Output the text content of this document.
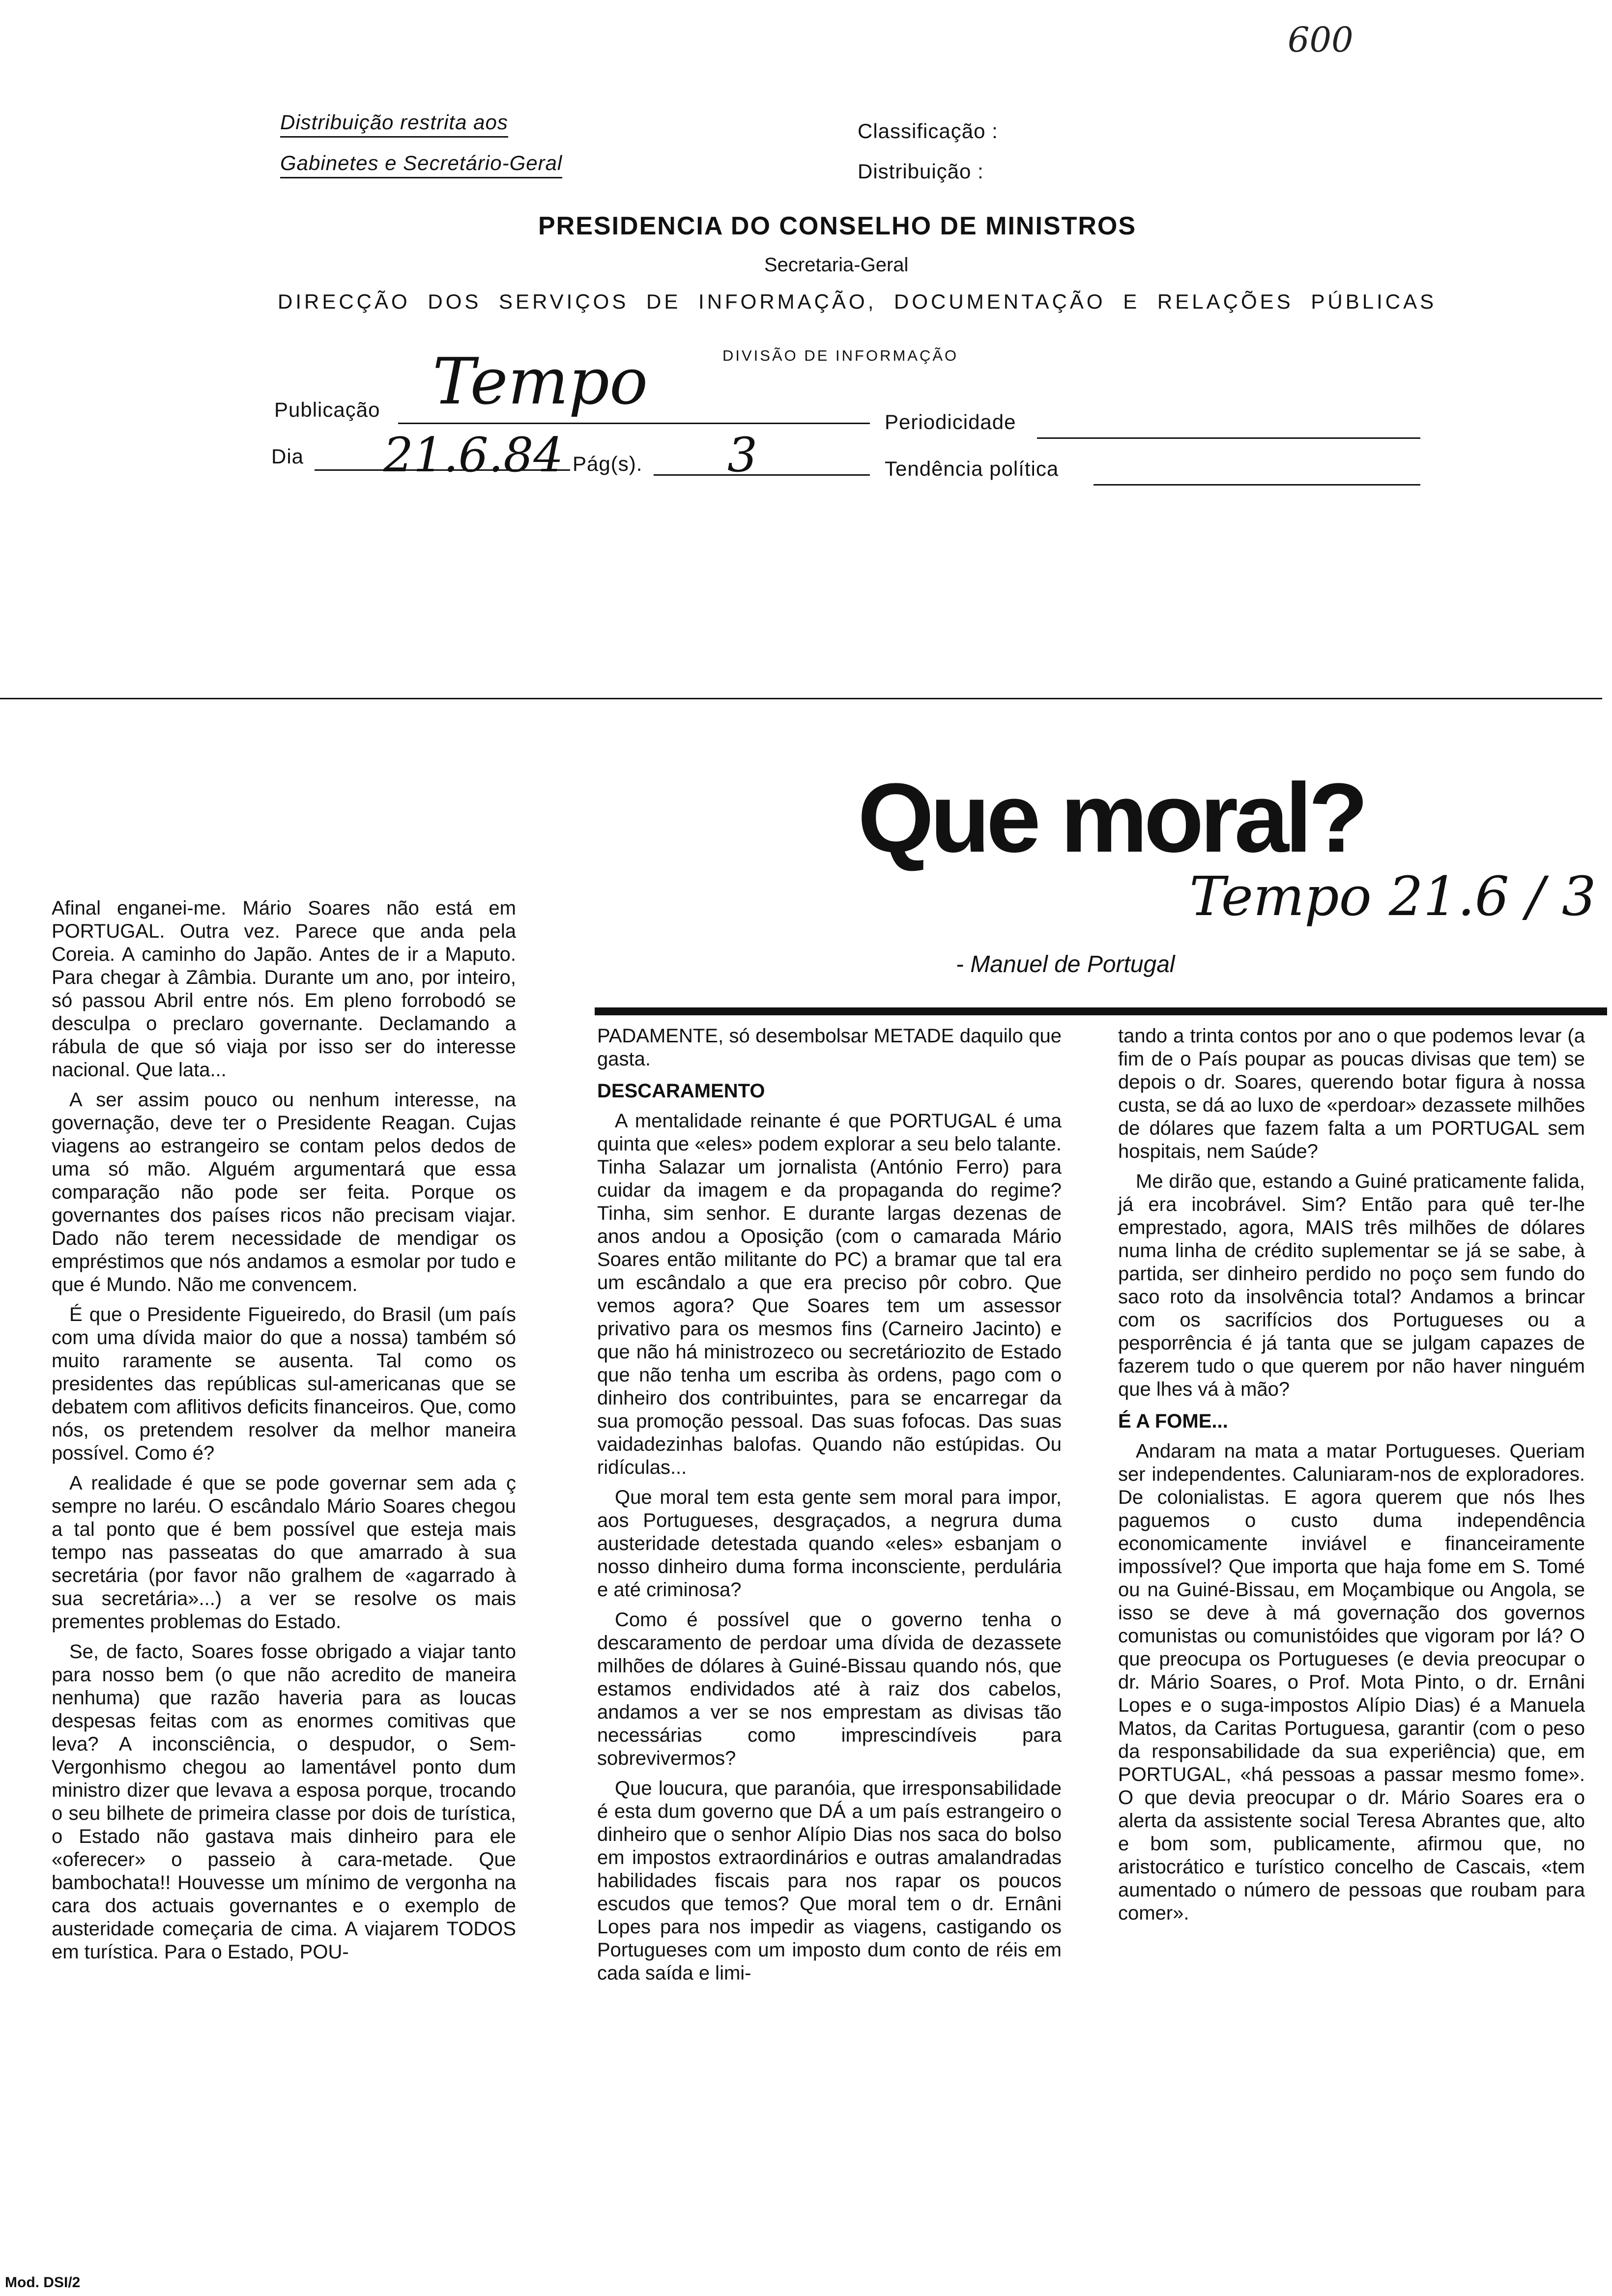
Distribuição restrita aos
Gabinetes e Secretário-Geral
Classificação :
Distribuição :
600
PRESIDENCIA DO CONSELHO DE MINISTROS
Secretaria-Geral
DIRECÇÃO DOS SERVIÇOS DE INFORMAÇÃO, DOCUMENTAÇÃO E RELAÇÕES PÚBLICAS
DIVISÃO DE INFORMAÇÃO
Publicação Tempo
Periodicidade
Dia 21.6.84 Pág(s). 3	Tendência política
Que moral?
Tempo 21.6 / 3
- Manuel de Portugal

Afinal enganei-me. Mário Soares não está em PORTUGAL. Outra vez. Parece que anda pela Coreia. A caminho do Japão. Antes de ir a Maputo. Para chegar à Zâmbia. Durante um ano, por inteiro, só passou Abril entre nós. Em pleno forrobodó se desculpa o preclaro governante. Declamando a rábula de que só viaja por isso ser do interesse nacional. Que lata...

A ser assim pouco ou nenhum interesse, na governação, deve ter o Presidente Reagan. Cujas viagens ao estrangeiro se contam pelos dedos de uma só mão. Alguém argumentará que essa comparação não pode ser feita. Porque os governantes dos países ricos não precisam viajar. Dado não terem necessidade de mendigar os empréstimos que nós andamos a esmolar por tudo e que é Mundo. Não me convencem.

É que o Presidente Figueiredo, do Brasil (um país com uma dívida maior do que a nossa) também só muito raramente se ausenta. Tal como os presidentes das repúblicas sul-americanas que se debatem com aflitivos deficits financeiros. Que, como nós, os pretendem resolver da melhor maneira possível. Como é?

A realidade é que se pode governar sem ada ç sempre no laréu. O escândalo Mário Soares chegou a tal ponto que é bem possível que esteja mais tempo nas passeatas do que amarrado à sua secretária (por favor não gralhem de «agarrado à sua secretária»...) a ver se resolve os mais prementes problemas do Estado.

Se, de facto, Soares fosse obrigado a viajar tanto para nosso bem (o que não acredito de maneira nenhuma) que razão haveria para as loucas despesas feitas com as enormes comitivas que leva? A inconsciência, o despudor, o Sem-Vergonhismo chegou ao lamentável ponto dum ministro dizer que levava a esposa porque, trocando o seu bilhete de primeira classe por dois de turística, o Estado não gastava mais dinheiro para ele «oferecer» o passeio à cara-metade. Que bambochata!! Houvesse um mínimo de vergonha na cara dos actuais governantes e o exemplo de austeridade começaria de cima. A viajarem TODOS em turística. Para o Estado, POU-

PADAMENTE, só desembolsar METADE daquilo que gasta.

DESCARAMENTO

A mentalidade reinante é que PORTUGAL é uma quinta que «eles» podem explorar a seu belo talante. Tinha Salazar um jornalista (António Ferro) para cuidar da imagem e da propaganda do regime? Tinha, sim senhor. E durante largas dezenas de anos andou a Oposição (com o camarada Mário Soares então militante do PC) a bramar que tal era um escândalo a que era preciso pôr cobro. Que vemos agora? Que Soares tem um assessor privativo para os mesmos fins (Carneiro Jacinto) e que não há ministrozeco ou secretáriozito de Estado que não tenha um escriba às ordens, pago com o dinheiro dos contribuintes, para se encarregar da sua promoção pessoal. Das suas fofocas. Das suas vaidadezinhas balofas. Quando não estúpidas. Ou ridículas...

Que moral tem esta gente sem moral para impor, aos Portugueses, desgraçados, a negrura duma austeridade detestada quando «eles» esbanjam o nosso dinheiro duma forma inconsciente, perdulária e até criminosa?

Como é possível que o governo tenha o descaramento de perdoar uma dívida de dezassete milhões de dólares à Guiné-Bissau quando nós, que estamos endividados até à raiz dos cabelos, andamos a ver se nos emprestam as divisas tão necessárias como imprescindíveis para sobrevivermos?

Que loucura, que paranóia, que irresponsabilidade é esta dum governo que DÁ a um país estrangeiro o dinheiro que o senhor Alípio Dias nos saca do bolso em impostos extraordinários e outras amalandradas habilidades fiscais para nos rapar os poucos escudos que temos? Que moral tem o dr. Ernâni Lopes para nos impedir as viagens, castigando os Portugueses com um imposto dum conto de réis em cada saída e limi-

tando a trinta contos por ano o que podemos levar (a fim de o País poupar as poucas divisas que tem) se depois o dr. Soares, querendo botar figura à nossa custa, se dá ao luxo de «perdoar» dezassete milhões de dólares que fazem falta a um PORTUGAL sem hospitais, nem Saúde?

Me dirão que, estando a Guiné praticamente falida, já era incobrável. Sim? Então para quê ter-lhe emprestado, agora, MAIS três milhões de dólares numa linha de crédito suplementar se já se sabe, à partida, ser dinheiro perdido no poço sem fundo do saco roto da insolvência total? Andamos a brincar com os sacrifícios dos Portugueses ou a pesporrência é já tanta que se julgam capazes de fazerem tudo o que querem por não haver ninguém que lhes vá à mão?

É A FOME...

Andaram na mata a matar Portugueses. Queriam ser independentes. Caluniaram-nos de exploradores. De colonialistas. E agora querem que nós lhes paguemos o custo duma independência economicamente inviável e financeiramente impossível? Que importa que haja fome em S. Tomé ou na Guiné-Bissau, em Moçambique ou Angola, se isso se deve à má governação dos governos comunistas ou comunistóides que vigoram por lá? O que preocupa os Portugueses (e devia preocupar o dr. Mário Soares, o Prof. Mota Pinto, o dr. Ernâni Lopes e o suga-impostos Alípio Dias) é a Manuela Matos, da Caritas Portuguesa, garantir (com o peso da responsabilidade da sua experiência) que, em PORTUGAL, «há pessoas a passar mesmo fome». O que devia preocupar o dr. Mário Soares era o alerta da assistente social Teresa Abrantes que, alto e bom som, publicamente, afirmou que, no aristocrático e turístico concelho de Cascais, «tem aumentado o número de pessoas que roubam para comer».

Mod. DSI/2
